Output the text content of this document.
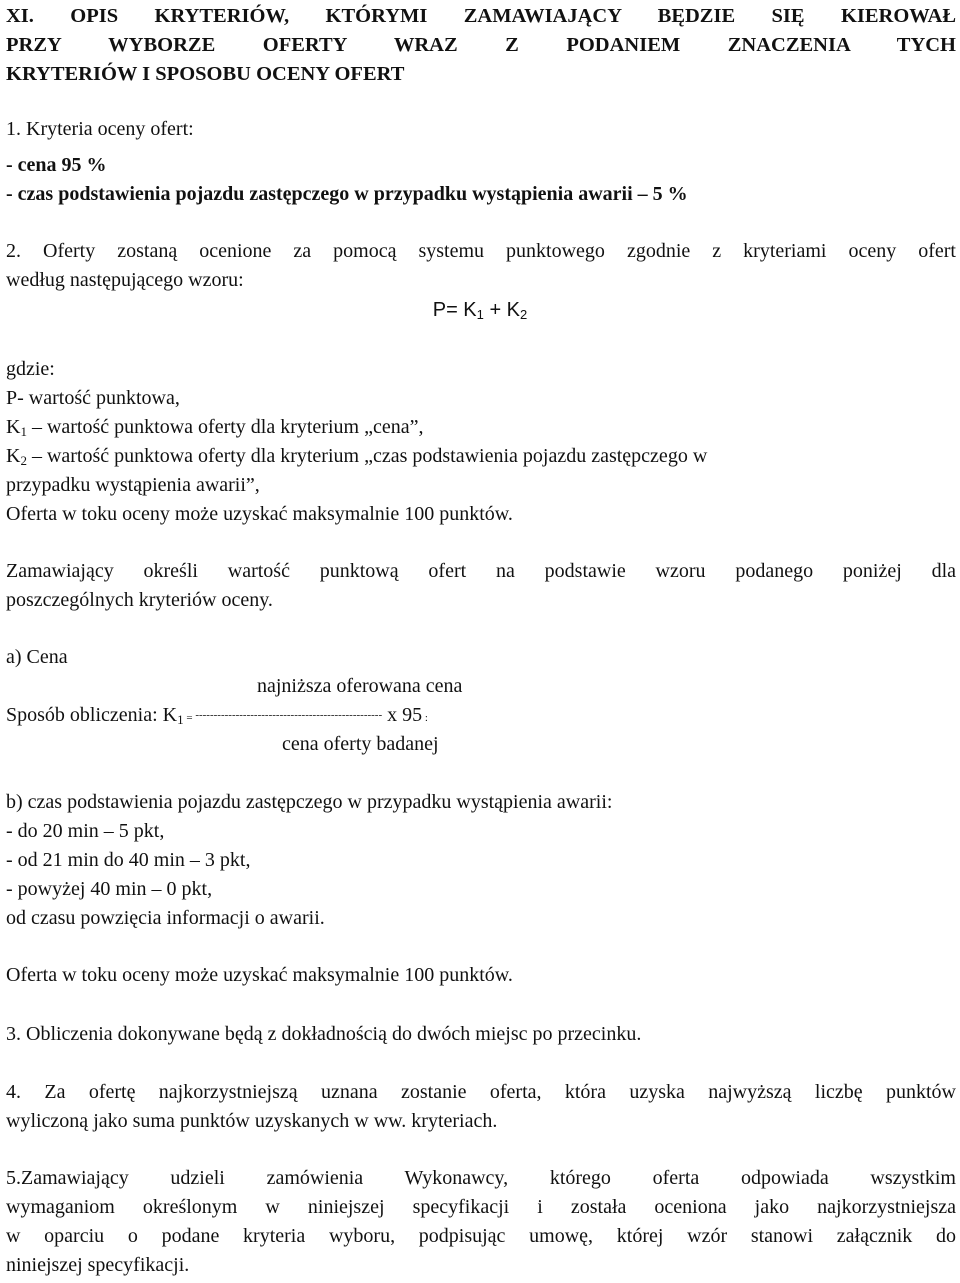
XI. OPIS KRYTERIÓW, KTÓRYMI ZAMAWIAJĄCY BĘDZIE SIĘ KIEROWAŁ
PRZY WYBORZE OFERTY WRAZ Z PODANIEM ZNACZENIA TYCH
KRYTERIÓW I SPOSOBU OCENY OFERT
1. Kryteria oceny ofert:
- cena 95 %
- czas podstawienia pojazdu zastępczego w przypadku wystąpienia awarii – 5 %
2. Oferty zostaną ocenione za pomocą systemu punktowego zgodnie z kryteriami oceny ofert
według następującego wzoru:
$P= K_1 + K_2$
gdzie:
P- wartość punktowa,
$K_1$ – wartość punktowa oferty dla kryterium „cena”,
$K_2$ – wartość punktowa oferty dla kryterium „czas podstawienia pojazdu zastępczego w
przypadku wystąpienia awarii”,
Oferta w toku oceny może uzyskać maksymalnie 100 punktów.
Zamawiający określi wartość punktową ofert na podstawie wzoru podanego poniżej dla
poszczególnych kryteriów oceny.
a) Cena
najniższa oferowana cena
Sposób obliczenia: $K_1$ = --------------------------------------------------- x 95 :
cena oferty badanej
b) czas podstawienia pojazdu zastępczego w przypadku wystąpienia awarii:
- do 20 min – 5 pkt,
- od 21 min do 40 min – 3 pkt,
- powyżej 40 min – 0 pkt,
od czasu powzięcia informacji o awarii.
Oferta w toku oceny może uzyskać maksymalnie 100 punktów.
3. Obliczenia dokonywane będą z dokładnością do dwóch miejsc po przecinku.
4. Za ofertę najkorzystniejszą uznana zostanie oferta, która uzyska najwyższą liczbę punktów
wyliczoną jako suma punktów uzyskanych w ww. kryteriach.
5.Zamawiający udzieli zamówienia Wykonawcy, którego oferta odpowiada wszystkim
wymaganiom określonym w niniejszej specyfikacji i została oceniona jako najkorzystniejsza
w oparciu o podane kryteria wyboru, podpisując umowę, której wzór stanowi załącznik do
niniejszej specyfikacji.
